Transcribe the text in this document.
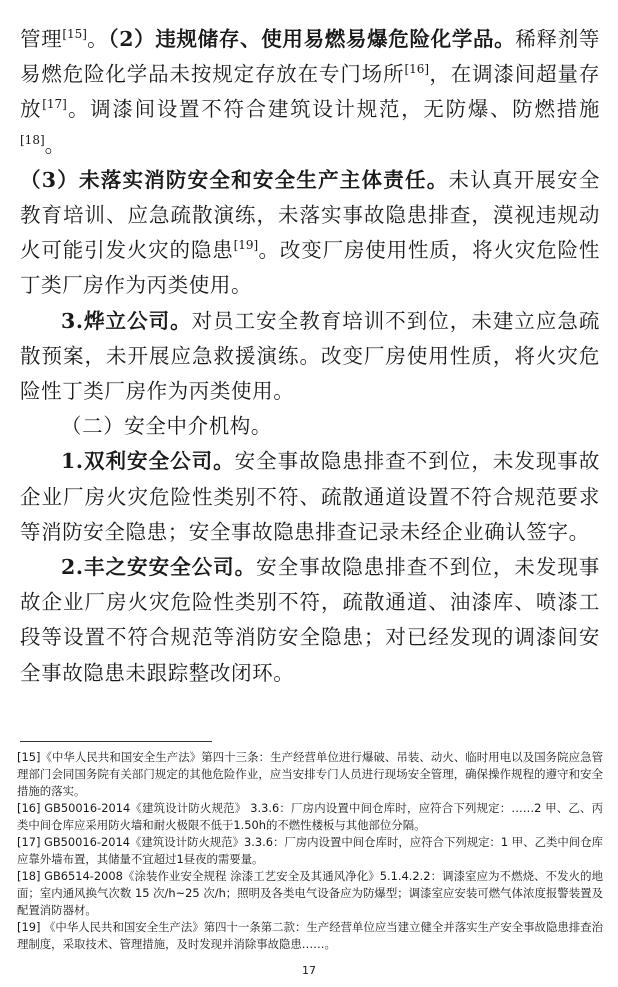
管理[15]。（2）违规储存、使用易燃易爆危险化学品。稀释剂等易燃危险化学品未按规定存放在专门场所[16]，在调漆间超量存放[17]。调漆间设置不符合建筑设计规范，无防爆、防燃措施[18]。

（3）未落实消防安全和安全生产主体责任。未认真开展安全教育培训、应急疏散演练，未落实事故隐患排查，漠视违规动火可能引发火灾的隐患[19]。改变厂房使用性质，将火灾危险性丁类厂房作为丙类使用。

3.烨立公司。对员工安全教育培训不到位，未建立应急疏散预案，未开展应急救援演练。改变厂房使用性质，将火灾危险性丁类厂房作为丙类使用。

（二）安全中介机构。

1.双利安全公司。安全事故隐患排查不到位，未发现事故企业厂房火灾危险性类别不符、疏散通道设置不符合规范要求等消防安全隐患；安全事故隐患排查记录未经企业确认签字。

2.丰之安安全公司。安全事故隐患排查不到位，未发现事故企业厂房火灾危险性类别不符，疏散通道、油漆库、喷漆工段等设置不符合规范等消防安全隐患；对已经发现的调漆间安全事故隐患未跟踪整改闭环。

[15]《中华人民共和国安全生产法》第四十三条：生产经营单位进行爆破、吊装、动火、临时用电以及国务院应急管理部门会同国务院有关部门规定的其他危险作业，应当安排专门人员进行现场安全管理，确保操作规程的遵守和安全措施的落实。

[16] GB50016-2014《建筑设计防火规范》 3.3.6：厂房内设置中间仓库时，应符合下列规定：……2 甲、乙、丙类中间仓库应采用防火墙和耐火极限不低于1.50h的不燃性楼板与其他部位分隔。

[17] GB50016-2014《建筑设计防火规范》3.3.6：厂房内设置中间仓库时，应符合下列规定：1 甲、乙类中间仓库应靠外墙布置，其储量不宜超过1昼夜的需要量。

[18] GB6514-2008《涂装作业安全规程 涂漆工艺安全及其通风净化》5.1.4.2.2：调漆室应为不燃烧、不发火的地面；室内通风换气次数 15 次/h~25 次/h；照明及各类电气设备应为防爆型；调漆室应安装可燃气体浓度报警装置及配置消防器材。

[19] 《中华人民共和国安全生产法》第四十一条第二款：生产经营单位应当建立健全并落实生产安全事故隐患排查治理制度，采取技术、管理措施，及时发现并消除事故隐患……。

17
